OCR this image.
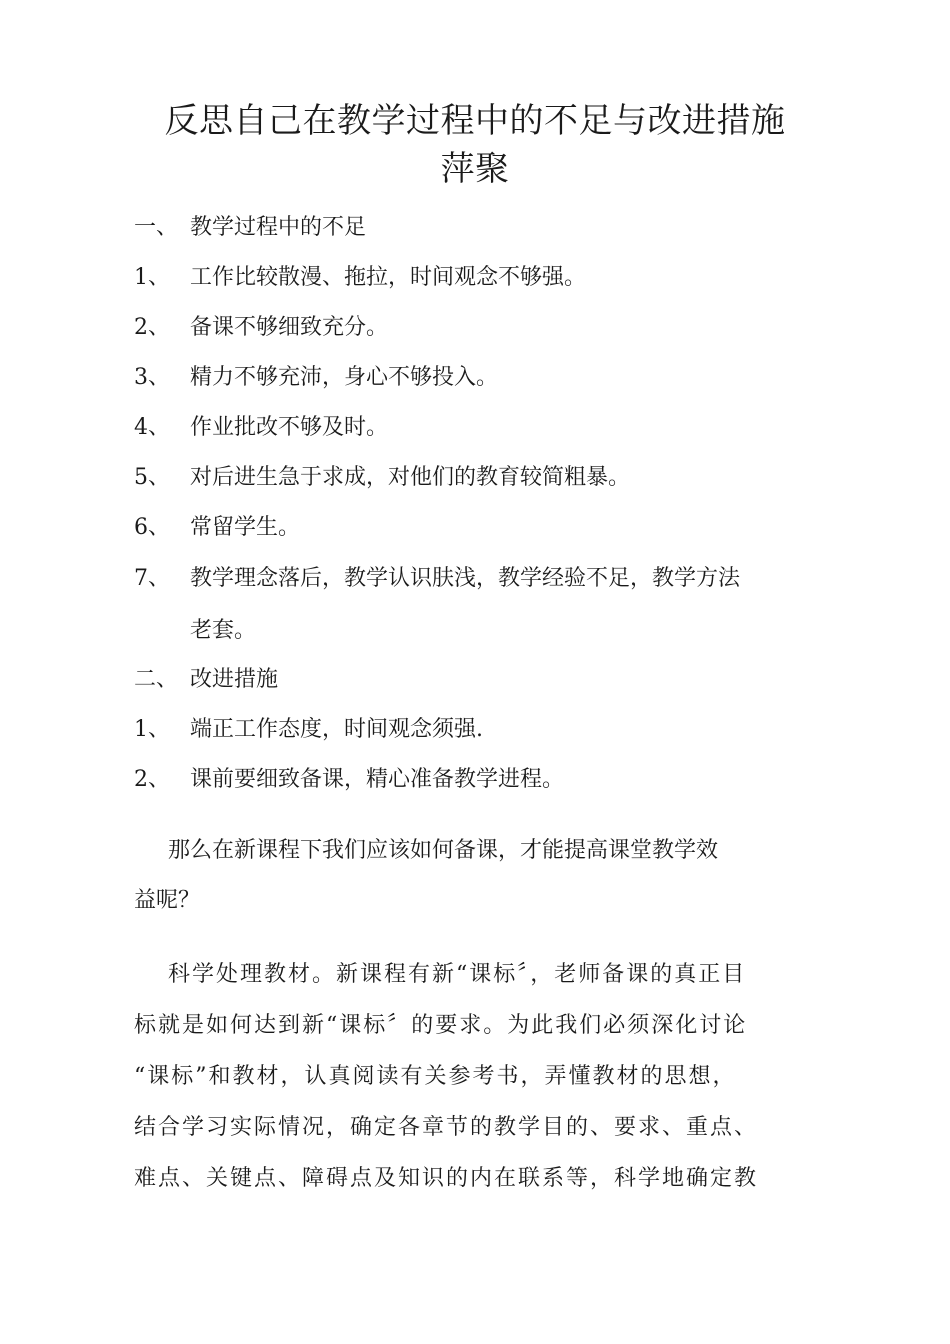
反思自己在教学过程中的不足与改进措施
萍聚
一、 教学过程中的不足
1、 工作比较散漫、拖拉，时间观念不够强。
2、 备课不够细致充分。
3、 精力不够充沛，身心不够投入。
4、 作业批改不够及时。
5、 对后进生急于求成，对他们的教育较简粗暴。
6、 常留学生。
7、 教学理念落后，教学认识肤浅，教学经验不足，教学方法
老套。
二、 改进措施
1、 端正工作态度，时间观念须强.
2、 课前要细致备课，精心准备教学进程。
那么在新课程下我们应该如何备课，才能提高课堂教学效
益呢？
科学处理教材。新课程有新“课标〞，老师备课的真正目
标就是如何达到新“课标〞的要求。为此我们必须深化讨论
“课标”和教材，认真阅读有关参考书，弄懂教材的思想，
结合学习实际情况，确定各章节的教学目的、要求、重点、
难点、关键点、障碍点及知识的内在联系等，科学地确定教
